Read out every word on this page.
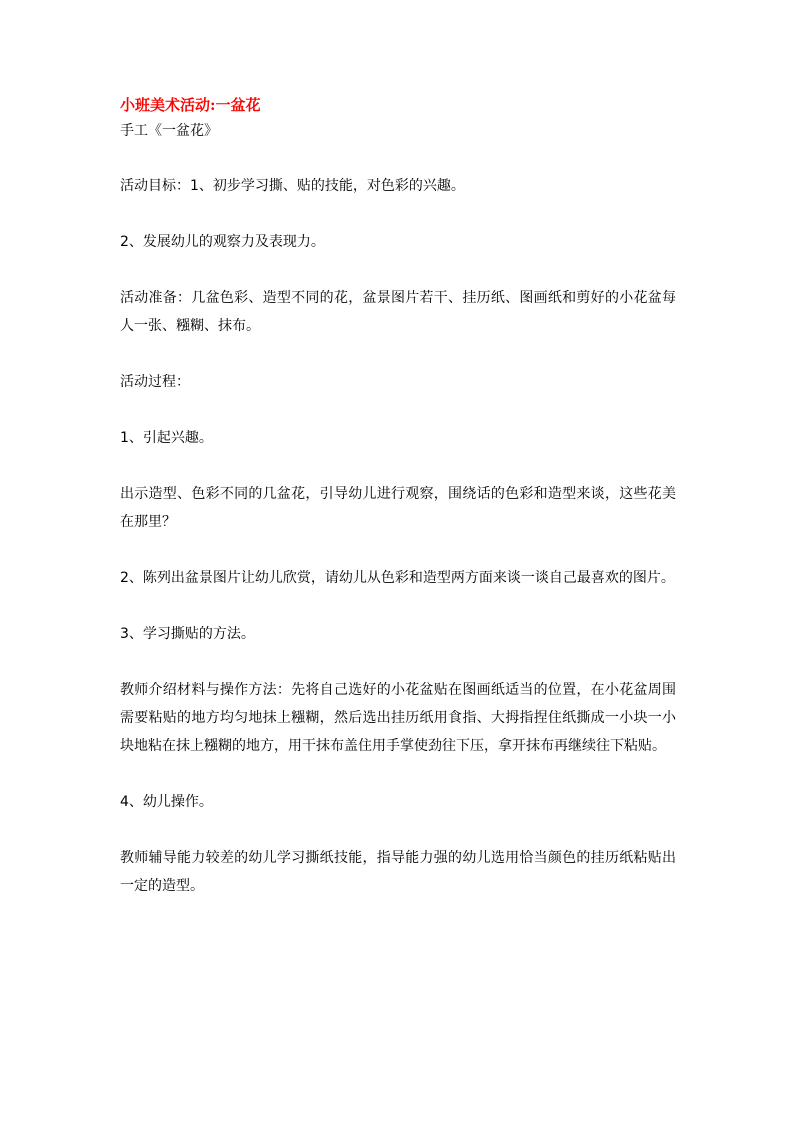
小班美术活动:一盆花

手工《一盆花》

活动目标：1、初步学习撕、贴的技能，对色彩的兴趣。

2、发展幼儿的观察力及表现力。

活动准备：几盆色彩、造型不同的花，盆景图片若干、挂历纸、图画纸和剪好的小花盆每人一张、糨糊、抹布。

活动过程：

1、引起兴趣。

出示造型、色彩不同的几盆花，引导幼儿进行观察，围绕话的色彩和造型来谈，这些花美在那里？

2、陈列出盆景图片让幼儿欣赏，请幼儿从色彩和造型两方面来谈一谈自己最喜欢的图片。

3、学习撕贴的方法。

教师介绍材料与操作方法：先将自己选好的小花盆贴在图画纸适当的位置，在小花盆周围需要粘贴的地方均匀地抹上糨糊，然后选出挂历纸用食指、大拇指捏住纸撕成一小块一小块地粘在抹上糨糊的地方，用干抹布盖住用手掌使劲往下压，拿开抹布再继续往下粘贴。

4、幼儿操作。

教师辅导能力较差的幼儿学习撕纸技能，指导能力强的幼儿选用恰当颜色的挂历纸粘贴出一定的造型。
